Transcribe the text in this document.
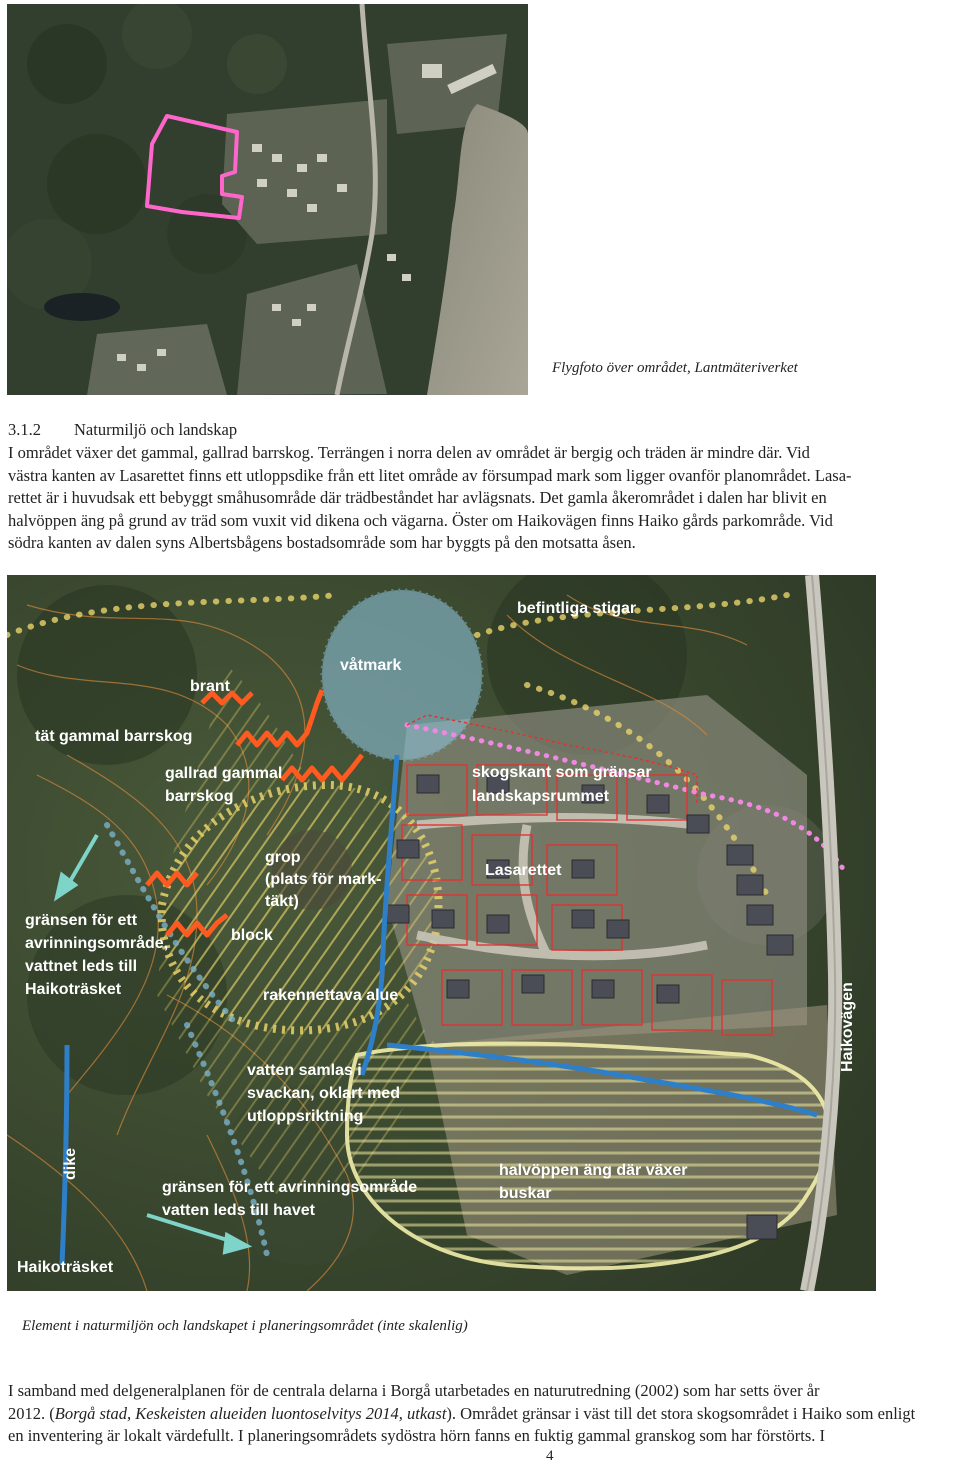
Flygfoto över området, Lantmäteriverket
3.1.2 Naturmiljö och landskap
I området växer det gammal, gallrad barrskog. Terrängen i norra delen av området är bergig och träden är mindre där. Vid
västra kanten av Lasarettet finns ett utloppsdike från ett litet område av försumpad mark som ligger ovanför planområdet. Lasa-
rettet är i huvudsak ett bebyggt småhusområde där trädbeståndet har avlägsnats. Det gamla åkerområdet i dalen har blivit en
halvöppen äng på grund av träd som vuxit vid dikena och vägarna. Öster om Haikovägen finns Haiko gårds parkområde. Vid
södra kanten av dalen syns Albertsbågens bostadsområde som har byggts på den motsatta åsen.
befintliga stigar
våtmark
brant
tät gammal barrskog
gallrad gammal
barrskog
skogskant som gränsar
landskapsrummet
Lasarettet
grop
(plats för mark-
täkt)
block
gränsen för ett
avrinningsområde,
vattnet leds till
Haikoträsket	rakennettava alue	Haikovägen
vatten samlas i
svackan, oklart med
utloppsriktning
halvöppen äng där växer
buskar
dike
gränsen för ett avrinningsområde
vatten leds till havet
Haikoträsket
Element i naturmiljön och landskapet i planeringsområdet (inte skalenlig)
I samband med delgeneralplanen för de centrala delarna i Borgå utarbetades en naturutredning (2002) som har setts över år
2012. (Borgå stad, Keskeisten alueiden luontoselvitys 2014, utkast). Området gränsar i väst till det stora skogsområdet i Haiko som enligt
en inventering är lokalt värdefullt. I planeringsområdets sydöstra hörn fanns en fuktig gammal granskog som har förstörts. I
4
